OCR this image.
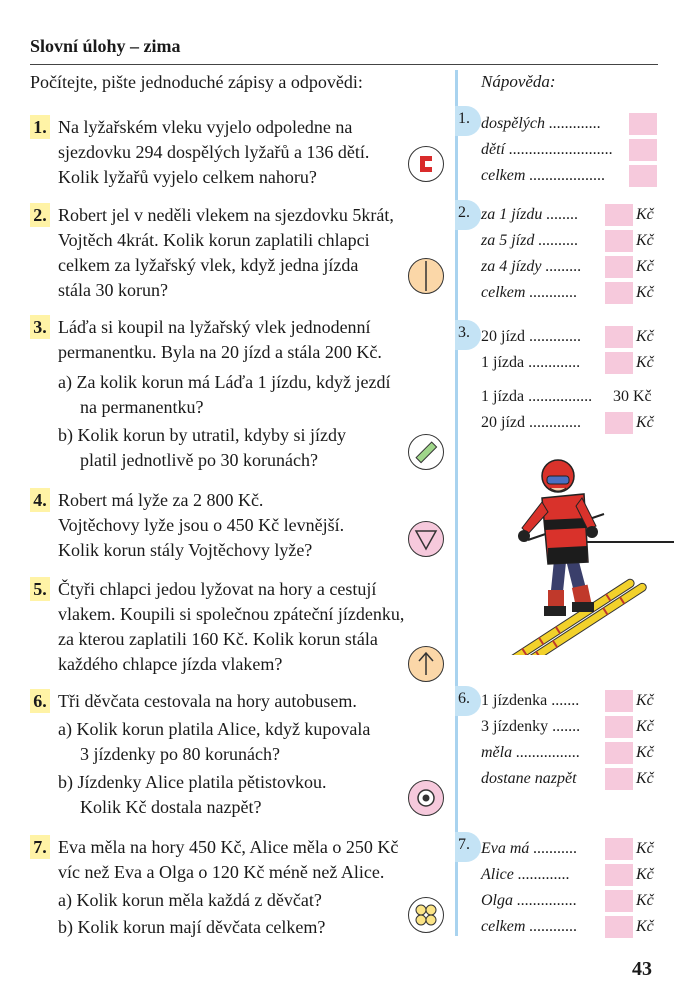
Slovní úlohy – zima
Počítejte, pište jednoduché zápisy a odpovědi:	Nápověda:
1. Na lyžařském vleku vyjelo odpoledne na
sjezdovku 294 dospělých lyžařů a 136 dětí.
Kolik lyžařů vyjelo celkem nahoru?
2. Robert jel v neděli vlekem na sjezdovku 5krát,
Vojtěch 4krát. Kolik korun zaplatili chlapci
celkem za lyžařský vlek, když jedna jízda
stála 30 korun?
3. Láďa si koupil na lyžařský vlek jednodenní
permanentku. Byla na 20 jízd a stála 200 Kč.
a) Za kolik korun má Láďa 1 jízdu, když jezdí
na permanentku?
b) Kolik korun by utratil, kdyby si jízdy
platil jednotlivě po 30 korunách?
4. Robert má lyže za 2 800 Kč.
Vojtěchovy lyže jsou o 450 Kč levnější.
Kolik korun stály Vojtěchovy lyže?
5. Čtyři chlapci jedou lyžovat na hory a cestují
vlakem. Koupili si společnou zpáteční jízdenku,
za kterou zaplatili 160 Kč. Kolik korun stála
každého chlapce jízda vlakem?
6. Tři děvčata cestovala na hory autobusem.
a) Kolik korun platila Alice, když kupovala
3 jízdenky po 80 korunách?
b) Jízdenky Alice platila pětistovkou.
Kolik Kč dostala nazpět?
7. Eva měla na hory 450 Kč, Alice měla o 250 Kč
víc než Eva a Olga o 120 Kč méně než Alice.
a) Kolik korun měla každá z děvčat?
b) Kolik korun mají děvčata celkem?
1. dospělých .............
dětí ..........................
celkem ...................
2. za 1 jízdu ........	Kč
za 5 jízd ..........	Kč
za 4 jízdy .........	Kč
celkem ............	Kč
3. 20 jízd .............	Kč
1 jízda .............	Kč
1 jízda ................ 30 Kč
20 jízd .............	Kč
6. 1 jízdenka .......	Kč
3 jízdenky .......	Kč
měla ................	Kč
dostane nazpět	Kč
7. Eva má ...........	Kč
Alice .............	Kč
Olga ...............	Kč
celkem ............	Kč
43
